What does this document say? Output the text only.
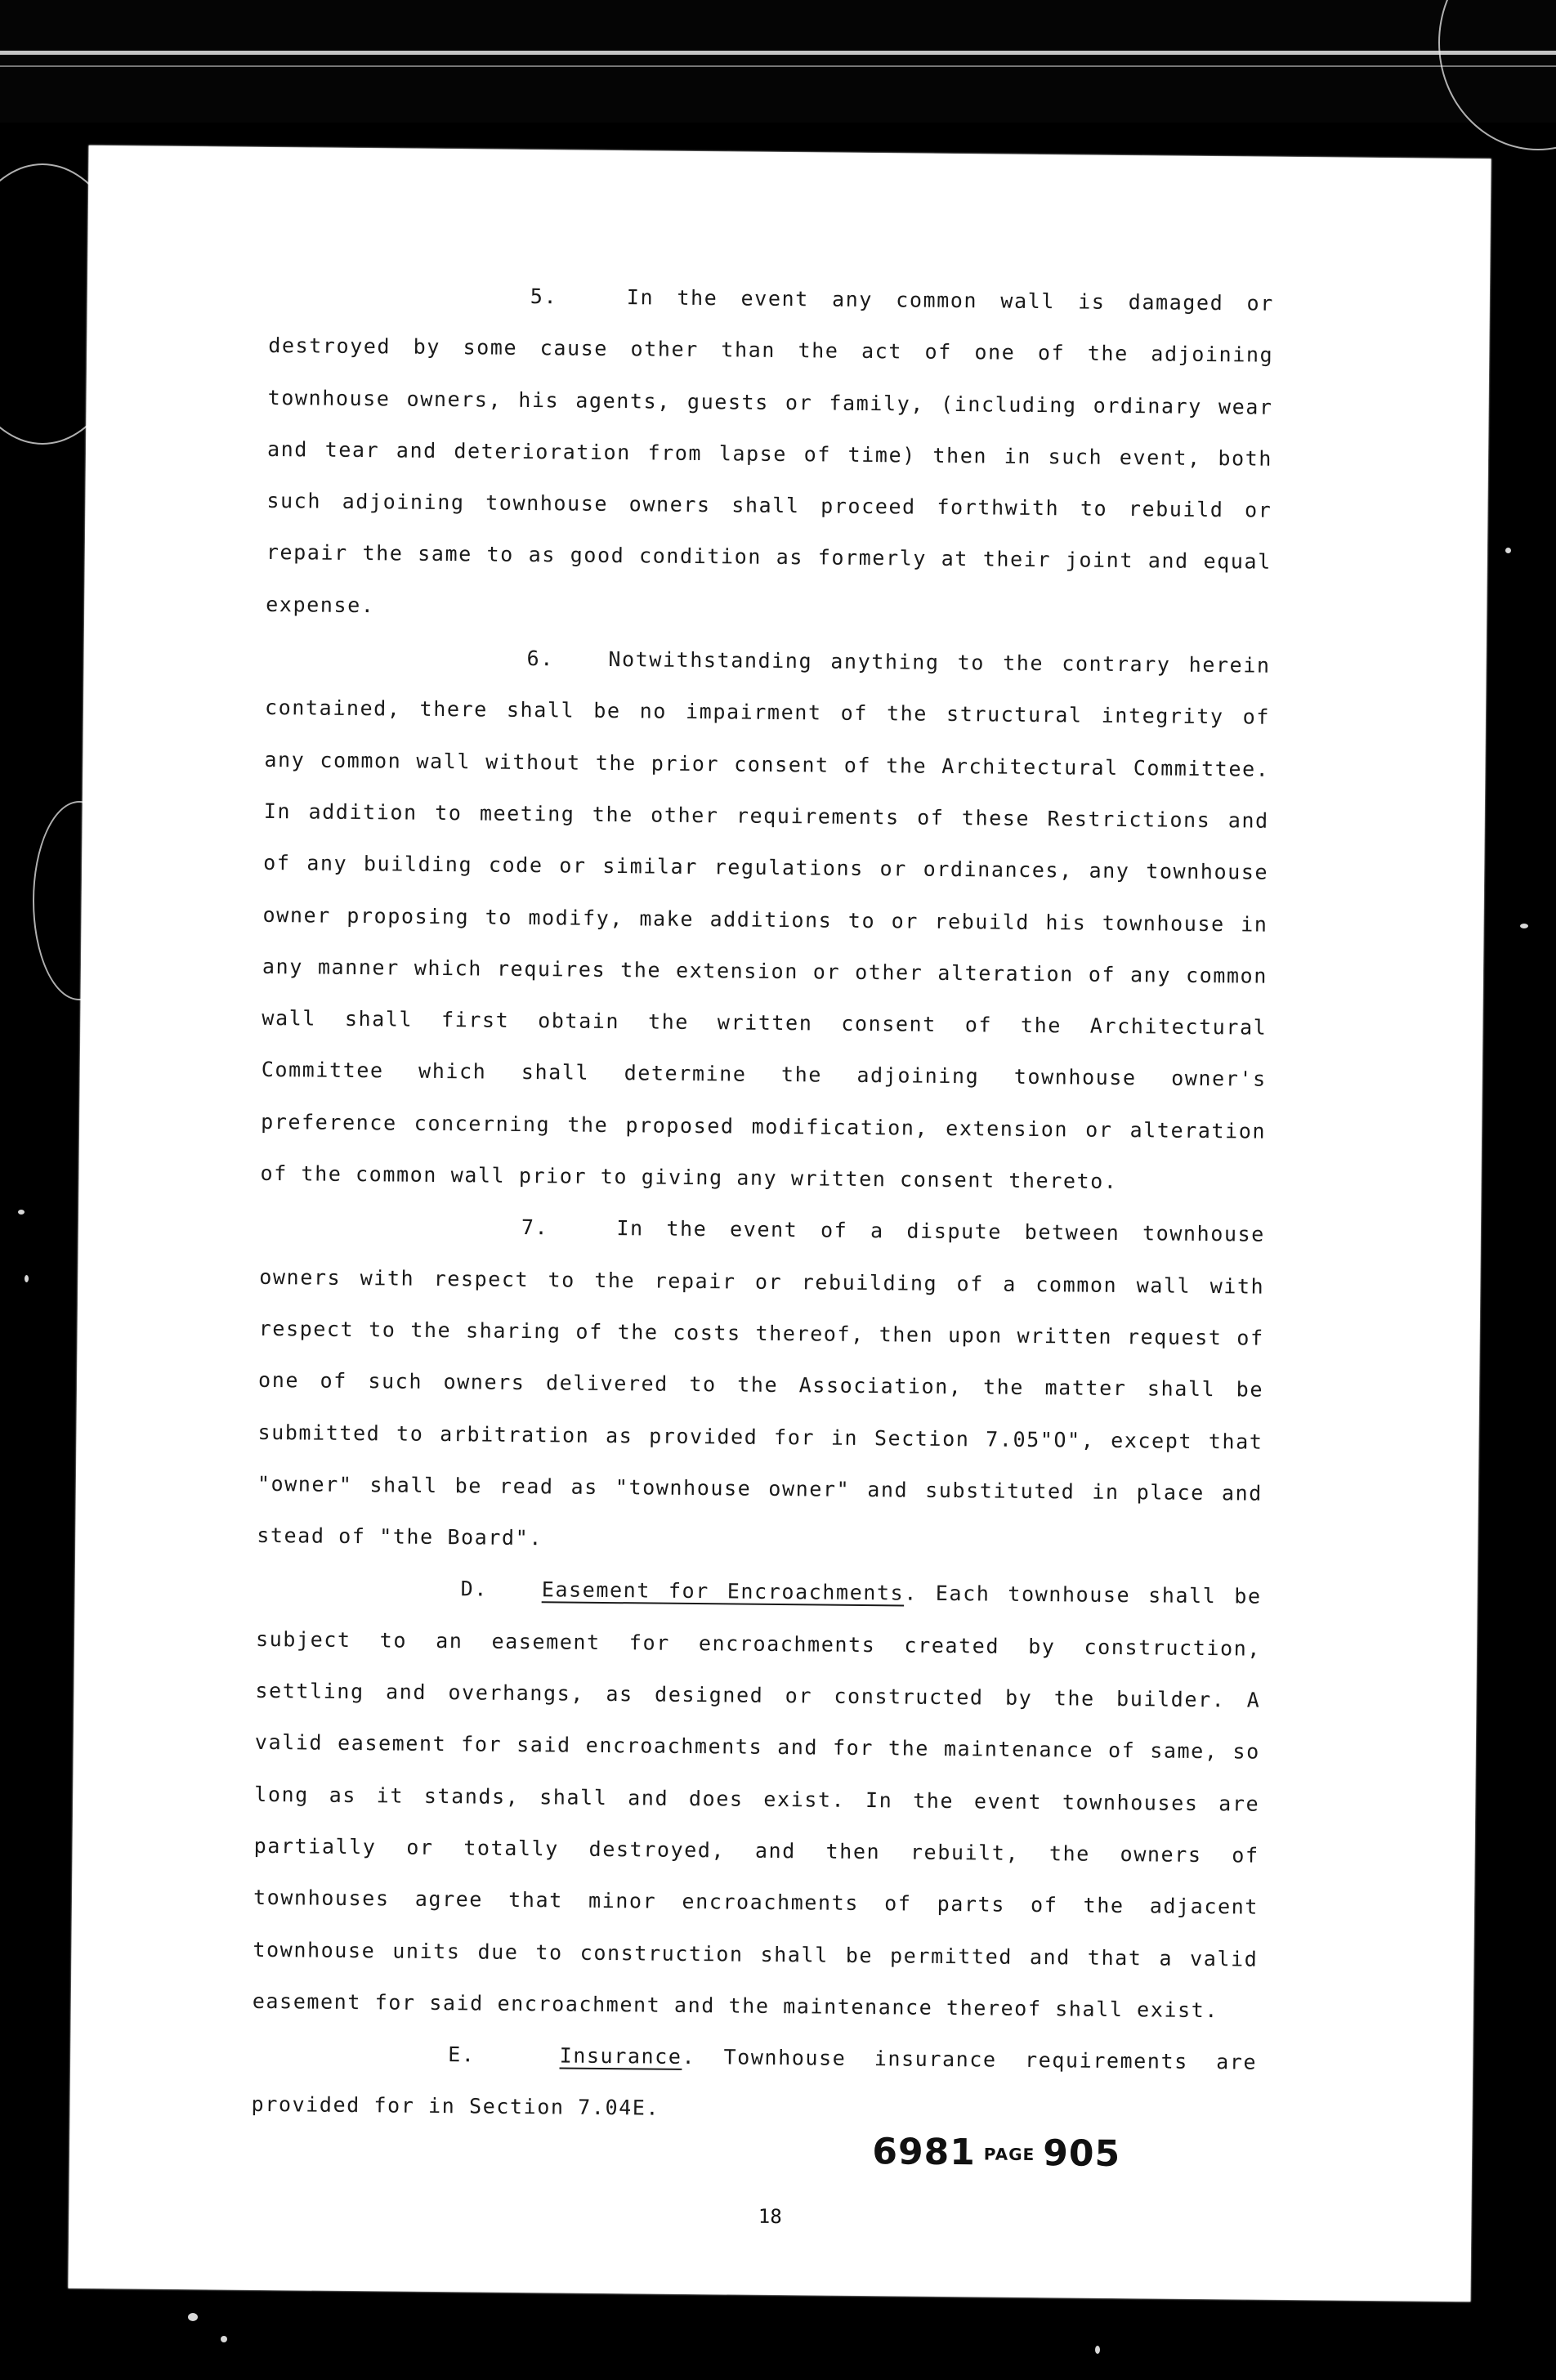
5.	In the event any common wall is damaged or destroyed by some cause other than the act of one of the adjoining townhouse owners, his agents, guests or family, (including ordinary wear and tear and deterioration from lapse of time) then in such event, both such adjoining townhouse owners shall proceed forthwith to rebuild or repair the same to as good condition as formerly at their joint and equal expense.

6.	Notwithstanding anything to the contrary herein contained, there shall be no impairment of the structural integrity of any common wall without the prior consent of the Architectural Committee. In addition to meeting the other requirements of these Restrictions and of any building code or similar regulations or ordinances, any townhouse owner proposing to modify, make additions to or rebuild his townhouse in any manner which requires the extension or other alteration of any common wall shall first obtain the written consent of the Architectural Committee which shall determine the adjoining townhouse owner's preference concerning the proposed modification, extension or alteration of the common wall prior to giving any written consent thereto.

7.	In the event of a dispute between townhouse owners with respect to the repair or rebuilding of a common wall with respect to the sharing of the costs thereof, then upon written request of one of such owners delivered to the Association, the matter shall be submitted to arbitration as provided for in Section 7.05"O", except that "owner" shall be read as "townhouse owner" and substituted in place and stead of "the Board".

D.	Easement for Encroachments. Each townhouse shall be subject to an easement for encroachments created by construction, settling and overhangs, as designed or constructed by the builder. A valid easement for said encroachments and for the maintenance of same, so long as it stands, shall and does exist. In the event townhouses are partially or totally destroyed, and then rebuilt, the owners of townhouses agree that minor encroachments of parts of the adjacent townhouse units due to construction shall be permitted and that a valid easement for said encroachment and the maintenance thereof shall exist.

E.	Insurance. Townhouse insurance requirements are provided for in Section 7.04E.

6981 PAGE 905
18
